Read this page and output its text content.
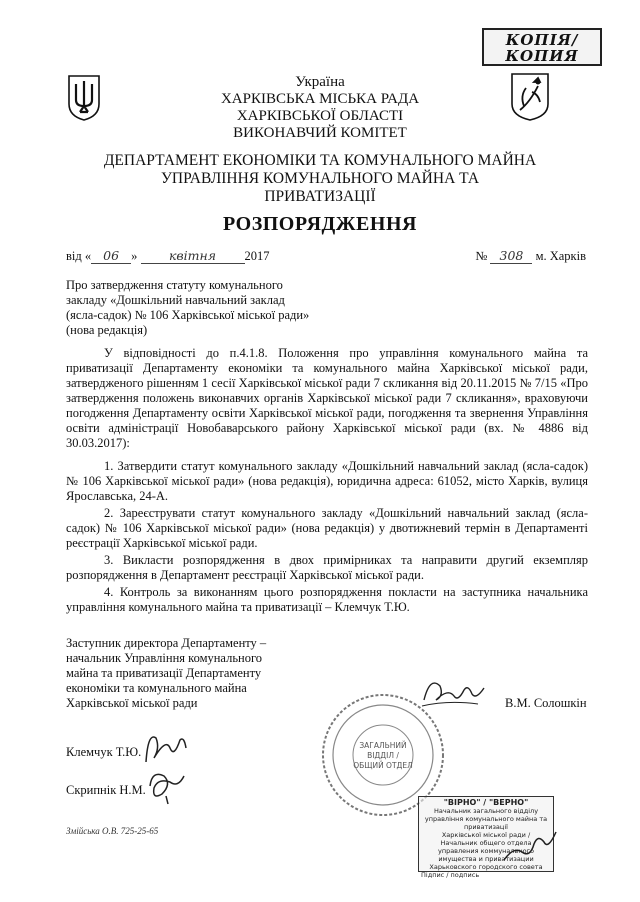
КОПІЯ/
КОПИЯ
Україна
ХАРКІВСЬКА МІСЬКА РАДА
ХАРКІВСЬКОЇ ОБЛАСТІ
ВИКОНАВЧИЙ КОМІТЕТ
ДЕПАРТАМЕНТ ЕКОНОМІКИ ТА КОМУНАЛЬНОГО МАЙНА
УПРАВЛІННЯ КОМУНАЛЬНОГО МАЙНА ТА
ПРИВАТИЗАЦІЇ
РОЗПОРЯДЖЕННЯ
від « 06 »	квітня 2017	№ 308 м. Харків
Про затвердження статуту комунального
закладу «Дошкільний навчальний заклад
(ясла-садок) № 106 Харківської міської ради»
(нова редакція)
У відповідності до п.4.1.8. Положення про управління комунального майна та приватизації Департаменту економіки та комунального майна Харківської міської ради, затвердженого рішенням 1 сесії Харківської міської ради 7 скликання від 20.11.2015 № 7/15 «Про затвердження положень виконавчих органів Харківської міської ради 7 скликання», враховуючи погодження Департаменту освіти Харківської міської ради, погодження та звернення Управління освіти адміністрації Новобаварського району Харківської міської ради (вх. № 4886 від 30.03.2017):

1. Затвердити статут комунального закладу «Дошкільний навчальний заклад (ясла-садок) № 106 Харківської міської ради» (нова редакція), юридична адреса: 61052, місто Харків, вулиця Ярославська, 24-А.

2. Зареєструвати статут комунального закладу «Дошкільний навчальний заклад (ясла-садок) № 106 Харківської міської ради» (нова редакція) у двотижневий термін в Департаменті реєстрації Харківської міської ради.

3. Викласти розпорядження в двох примірниках та направити другий екземпляр розпорядження в Департамент реєстрації Харківської міської ради.

4. Контроль за виконанням цього розпорядження покласти на заступника начальника управління комунального майна та приватизації – Клемчук Т.Ю.

Заступник директора Департаменту –
начальник Управління комунального
майна та приватизації Департаменту
економіки та комунального майна
Харківської міської ради	В.М. Солошкін
ЗАГАЛЬНИЙ
ВІДДІЛ /
ОБЩИЙ ОТДЕЛ
Клемчук Т.Ю.
Скрипнік Н.М.
Змійська О.В. 725-25-65
"ВІРНО" / "ВЕРНО"
Начальник загального відділу
управління комунального майна та приватизації
Харківської міської ради /
Начальник общего отдела
управления коммунального имущества и приватизации
Харьковского городского совета
Підпис / подпись
